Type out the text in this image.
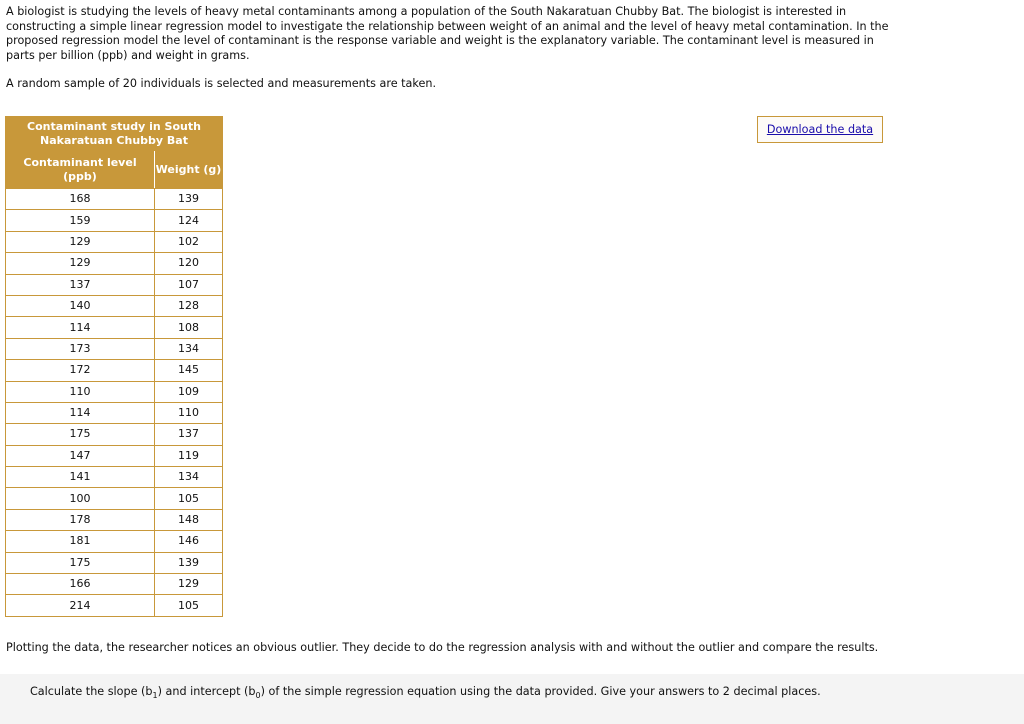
A biologist is studying the levels of heavy metal contaminants among a population of the South Nakaratuan Chubby Bat. The biologist is interested in constructing a simple linear regression model to investigate the relationship between weight of an animal and the level of heavy metal contamination. In the proposed regression model the level of contaminant is the response variable and weight is the explanatory variable. The contaminant level is measured in parts per billion (ppb) and weight in grams.

A random sample of 20 individuals is selected and measurements are taken.

Contaminant study in South Nakaratuan Chubby Bat	
Contaminant level (ppb)	Weight (g)
168	139
159	124
129	102
129	120
137	107
140	128
114	108
173	134
172	145
110	109
114	110
175	137
147	119
141	134
100	105
178	148
181	146
175	139
166	129
214	105
Download the data

Plotting the data, the researcher notices an obvious outlier. They decide to do the regression analysis with and without the outlier and compare the results.

Calculate the slope $(b_1)$ and intercept $(b_0)$ of the simple regression equation using the data provided. Give your answers to 2 decimal places.
